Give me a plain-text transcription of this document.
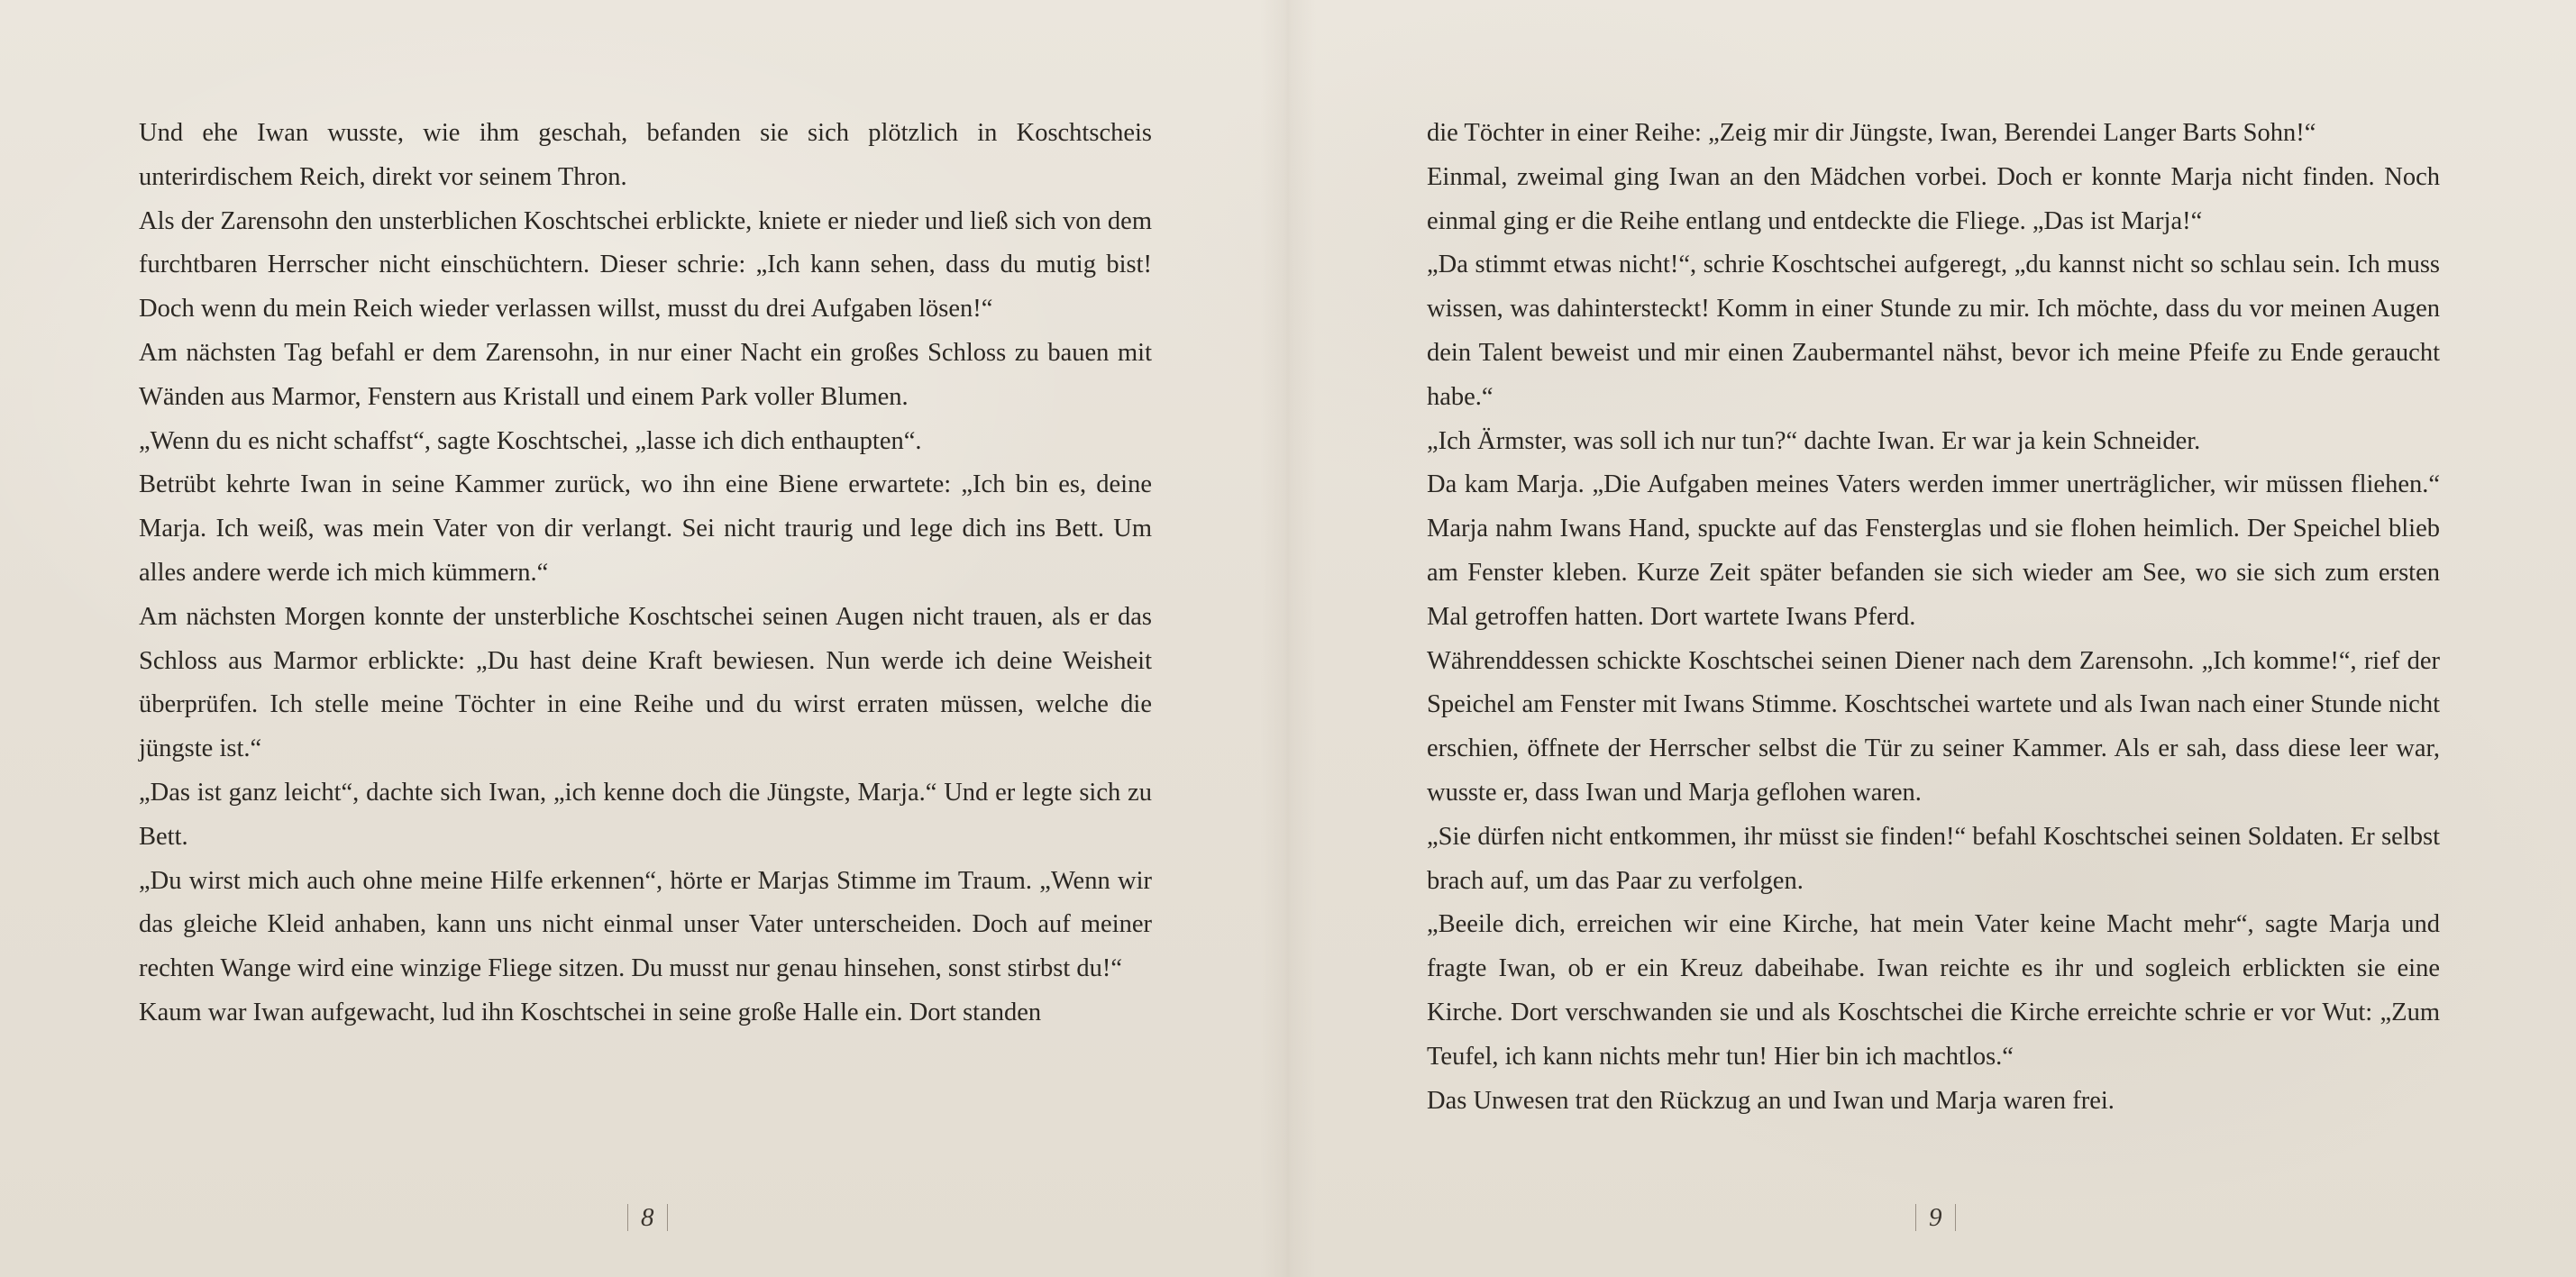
Und ehe Iwan wusste, wie ihm geschah, befanden sie sich plötzlich in Koschtscheis unterirdischem Reich, direkt vor seinem Thron.

Als der Zarensohn den unsterblichen Koschtschei erblickte, kniete er nieder und ließ sich von dem furchtbaren Herrscher nicht einschüchtern. Dieser schrie: „Ich kann sehen, dass du mutig bist! Doch wenn du mein Reich wieder verlassen willst, musst du drei Aufgaben lösen!“

Am nächsten Tag befahl er dem Zarensohn, in nur einer Nacht ein großes Schloss zu bauen mit Wänden aus Marmor, Fenstern aus Kristall und einem Park voller Blumen.

„Wenn du es nicht schaffst“, sagte Koschtschei, „lasse ich dich enthaupten“.

Betrübt kehrte Iwan in seine Kammer zurück, wo ihn eine Biene erwartete: „Ich bin es, deine Marja. Ich weiß, was mein Vater von dir verlangt. Sei nicht traurig und lege dich ins Bett. Um alles andere werde ich mich kümmern.“

Am nächsten Morgen konnte der unsterbliche Koschtschei seinen Augen nicht trauen, als er das Schloss aus Marmor erblickte: „Du hast deine Kraft bewiesen. Nun werde ich deine Weisheit überprüfen. Ich stelle meine Töchter in eine Reihe und du wirst erraten müssen, welche die jüngste ist.“

„Das ist ganz leicht“, dachte sich Iwan, „ich kenne doch die Jüngste, Marja.“ Und er legte sich zu Bett.

„Du wirst mich auch ohne meine Hilfe erkennen“, hörte er Marjas Stimme im Traum. „Wenn wir das gleiche Kleid anhaben, kann uns nicht einmal unser Vater unterscheiden. Doch auf meiner rechten Wange wird eine winzige Fliege sitzen. Du musst nur genau hinsehen, sonst stirbst du!“

Kaum war Iwan aufgewacht, lud ihn Koschtschei in seine große Halle ein. Dort standen

die Töchter in einer Reihe: „Zeig mir dir Jüngste, Iwan, Berendei Langer Barts Sohn!“

Einmal, zweimal ging Iwan an den Mädchen vorbei. Doch er konnte Marja nicht finden. Noch einmal ging er die Reihe entlang und entdeckte die Fliege. „Das ist Marja!“

„Da stimmt etwas nicht!“, schrie Koschtschei aufgeregt, „du kannst nicht so schlau sein. Ich muss wissen, was dahintersteckt! Komm in einer Stunde zu mir. Ich möchte, dass du vor meinen Augen dein Talent beweist und mir einen Zaubermantel nähst, bevor ich meine Pfeife zu Ende geraucht habe.“

„Ich Ärmster, was soll ich nur tun?“ dachte Iwan. Er war ja kein Schneider.

Da kam Marja. „Die Aufgaben meines Vaters werden immer unerträglicher, wir müssen fliehen.“ Marja nahm Iwans Hand, spuckte auf das Fensterglas und sie flohen heimlich. Der Speichel blieb am Fenster kleben. Kurze Zeit später befanden sie sich wieder am See, wo sie sich zum ersten Mal getroffen hatten. Dort wartete Iwans Pferd.

Währenddessen schickte Koschtschei seinen Diener nach dem Zarensohn. „Ich komme!“, rief der Speichel am Fenster mit Iwans Stimme. Koschtschei wartete und als Iwan nach einer Stunde nicht erschien, öffnete der Herrscher selbst die Tür zu seiner Kammer. Als er sah, dass diese leer war, wusste er, dass Iwan und Marja geflohen waren.

„Sie dürfen nicht entkommen, ihr müsst sie finden!“ befahl Koschtschei seinen Soldaten. Er selbst brach auf, um das Paar zu verfolgen.

„Beeile dich, erreichen wir eine Kirche, hat mein Vater keine Macht mehr“, sagte Marja und fragte Iwan, ob er ein Kreuz dabeihabe. Iwan reichte es ihr und sogleich erblickten sie eine Kirche. Dort verschwanden sie und als Koschtschei die Kirche erreichte schrie er vor Wut: „Zum Teufel, ich kann nichts mehr tun! Hier bin ich machtlos.“

Das Unwesen trat den Rückzug an und Iwan und Marja waren frei.

8	9
